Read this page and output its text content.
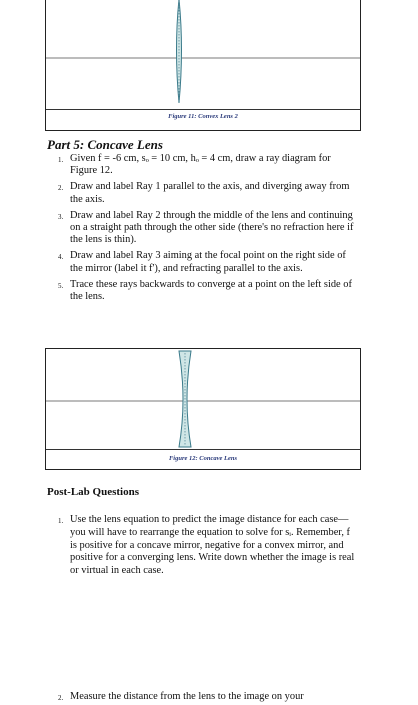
Figure 11: Convex Lens 2
Part 5: Concave Lens
1. Given f = -6 cm, sₒ = 10 cm, hₒ = 4 cm, draw a ray diagram for Figure 12.
2. Draw and label Ray 1 parallel to the axis, and diverging away from the axis.
3. Draw and label Ray 2 through the middle of the lens and continuing on a straight path through the other side (there's no refraction here if the lens is thin).
4. Draw and label Ray 3 aiming at the focal point on the right side of the mirror (label it f'), and refracting parallel to the axis.
5. Trace these rays backwards to converge at a point on the left side of the lens.
Figure 12: Concave Lens
Post-Lab Questions
1. Use the lens equation to predict the image distance for each case—you will have to rearrange the equation to solve for sᵢ. Remember, f is positive for a concave mirror, negative for a convex mirror, and positive for a converging lens. Write down whether the image is real or virtual in each case.
2. Measure the distance from the lens to the image on your
